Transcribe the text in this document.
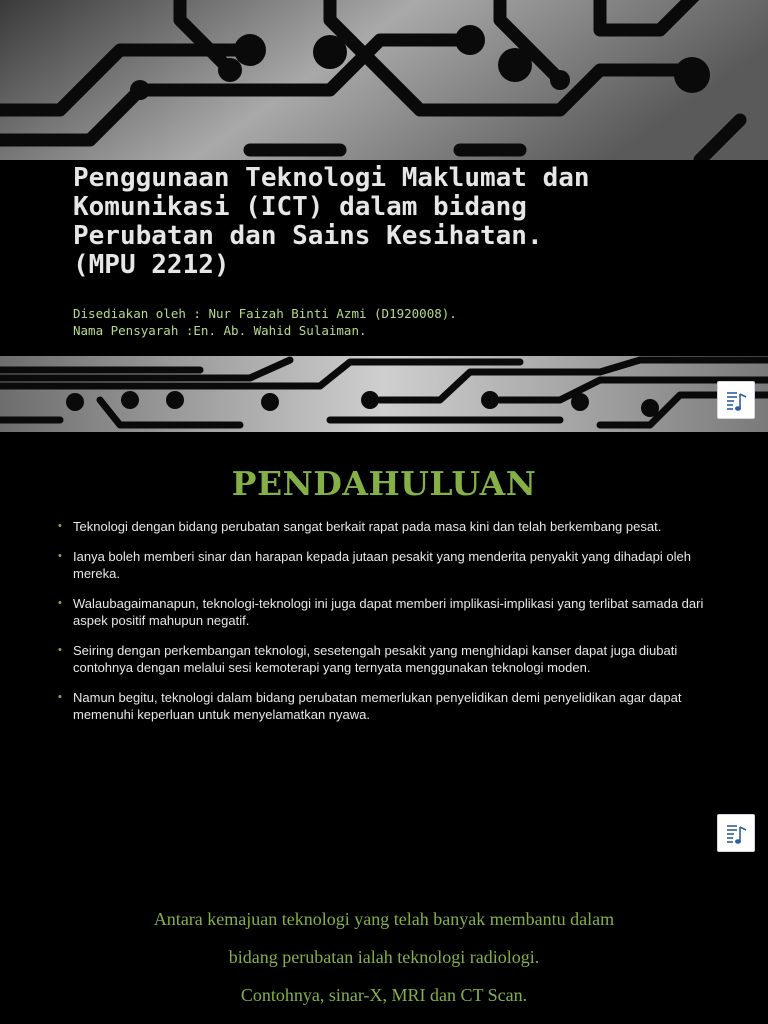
Penggunaan Teknologi Maklumat dan
Komunikasi (ICT) dalam bidang
Perubatan dan Sains Kesihatan.
(MPU 2212)
Disediakan oleh : Nur Faizah Binti Azmi (D1920008).
Nama Pensyarah :En. Ab. Wahid Sulaiman.
PENDAHULUAN
• Teknologi dengan bidang perubatan sangat berkait rapat pada masa kini dan telah berkembang pesat.
• Ianya boleh memberi sinar dan harapan kepada jutaan pesakit yang menderita penyakit yang dihadapi oleh mereka.
• Walaubagaimanapun, teknologi-teknologi ini juga dapat memberi implikasi-implikasi yang terlibat samada dari aspek positif mahupun negatif.
• Seiring dengan perkembangan teknologi, sesetengah pesakit yang menghidapi kanser dapat juga diubati contohnya dengan melalui sesi kemoterapi yang ternyata menggunakan teknologi moden.
• Namun begitu, teknologi dalam bidang perubatan memerlukan penyelidikan demi penyelidikan agar dapat memenuhi keperluan untuk menyelamatkan nyawa.
Antara kemajuan teknologi yang telah banyak membantu dalam
bidang perubatan ialah teknologi radiologi.
Contohnya, sinar-X, MRI dan CT Scan.
